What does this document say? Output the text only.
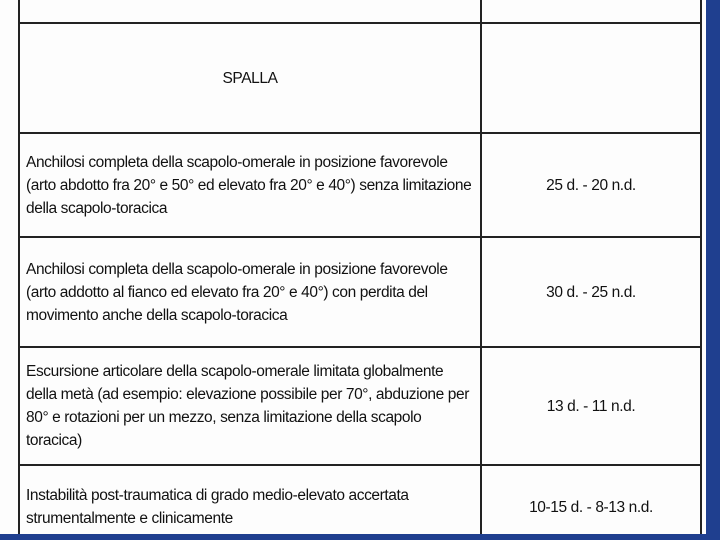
SPALLA	
Anchilosi completa della scapolo-omerale in posizione favorevole (arto abdotto fra 20° e 50° ed elevato fra 20° e 40°) senza limitazione della scapolo-toracica	25 d. - 20 n.d.
Anchilosi completa della scapolo-omerale in posizione favorevole (arto addotto al fianco ed elevato fra 20° e 40°) con perdita del movimento anche della scapolo-toracica	30 d. - 25 n.d.
Escursione articolare della scapolo-omerale limitata globalmente della metà (ad esempio: elevazione possibile per 70°, abduzione per 80° e rotazioni per un mezzo, senza limitazione della scapolo toracica)	13 d. - 11 n.d.
Instabilità post-traumatica di grado medio-elevato accertata strumentalmente e clinicamente	10-15 d. - 8-13 n.d.
